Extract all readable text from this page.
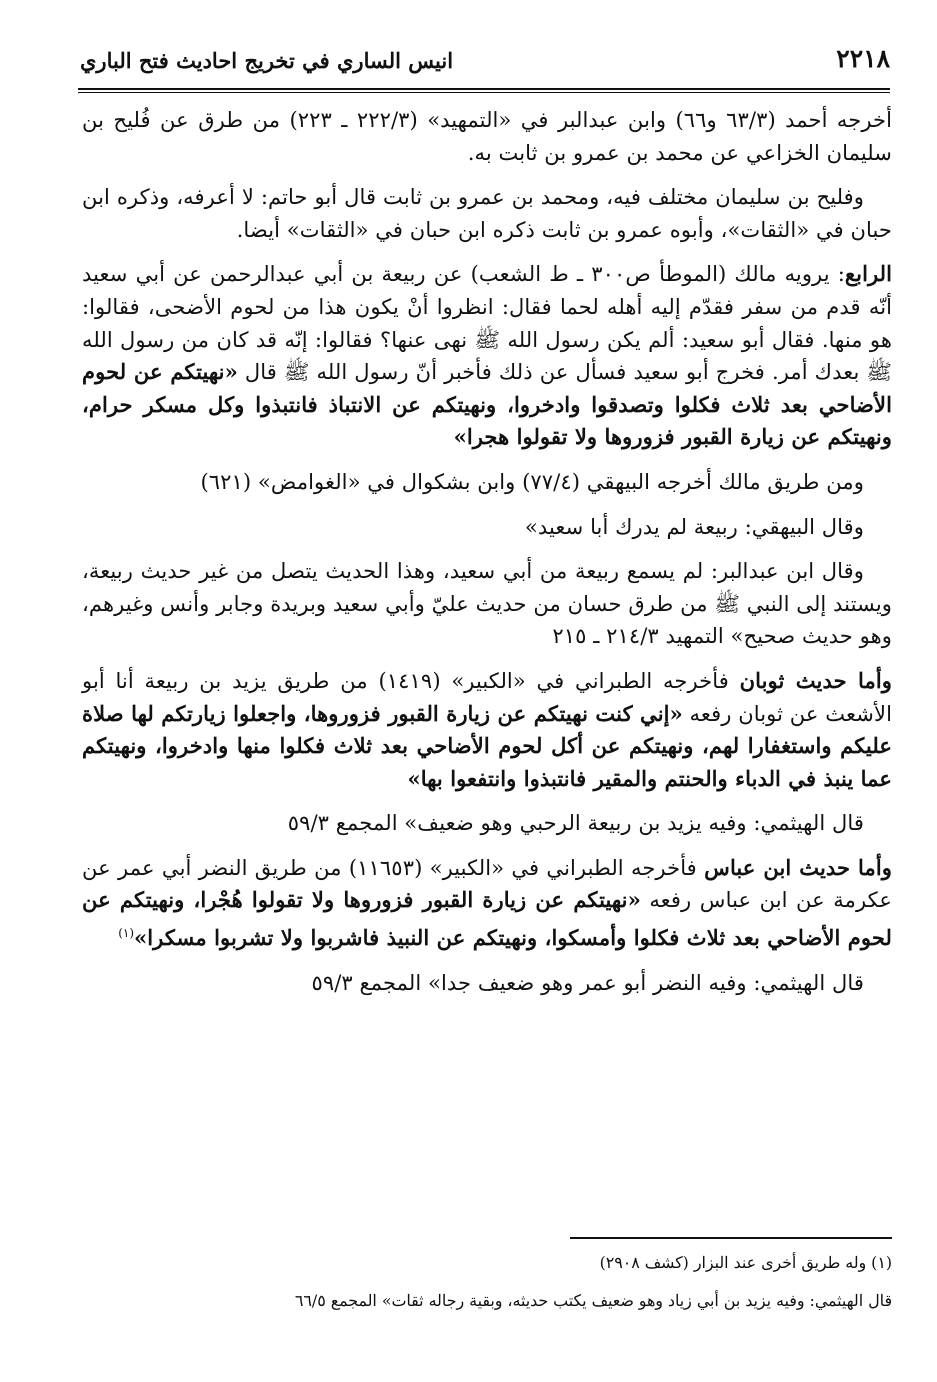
٢٢١٨
انيس الساري في تخريج احاديث فتح الباري

أخرجه أحمد (٣/‏٦٣ و٦٦) وابن عبدالبر في «التمهيد» (٣/‏٢٢٢ ـ ٢٢٣) من طرق عن فُليح بن سليمان الخزاعي عن محمد بن عمرو بن ثابت به.

وفليح بن سليمان مختلف فيه، ومحمد بن عمرو بن ثابت قال أبو حاتم: لا أعرفه، وذكره ابن حبان في «الثقات»، وأبوه عمرو بن ثابت ذكره ابن حبان في «الثقات» أيضا.

الرابع: يرويه مالك (الموطأ ص٣٠٠ ـ ط الشعب) عن ربيعة بن أبي عبدالرحمن عن أبي سعيد أنّه قدم من سفر فقدّم إليه أهله لحما فقال: انظروا أنْ يكون هذا من لحوم الأضحى، فقالوا: هو منها. فقال أبو سعيد: ألم يكن رسول الله ﷺ نهى عنها؟ فقالوا: إنّه قد كان من رسول الله ﷺ بعدك أمر. فخرج أبو سعيد فسأل عن ذلك فأخبر أنّ رسول الله ﷺ قال «نهيتكم عن لحوم الأضاحي بعد ثلاث فكلوا وتصدقوا وادخروا، ونهيتكم عن الانتباذ فانتبذوا وكل مسكر حرام، ونهيتكم عن زيارة القبور فزوروها ولا تقولوا هجرا»

ومن طريق مالك أخرجه البيهقي (٤/‏٧٧) وابن بشكوال في «الغوامض» (٦٢١)

وقال البيهقي: ربيعة لم يدرك أبا سعيد»

وقال ابن عبدالبر: لم يسمع ربيعة من أبي سعيد، وهذا الحديث يتصل من غير حديث ربيعة، ويستند إلى النبي ﷺ من طرق حسان من حديث عليّ وأبي سعيد وبريدة وجابر وأنس وغيرهم، وهو حديث صحيح» التمهيد ٣/‏٢١٤ ـ ٢١٥

وأما حديث ثوبان فأخرجه الطبراني في «الكبير» (١٤١٩) من طريق يزيد بن ربيعة أنا أبو الأشعث عن ثوبان رفعه «إني كنت نهيتكم عن زيارة القبور فزوروها، واجعلوا زيارتكم لها صلاة عليكم واستغفارا لهم، ونهيتكم عن أكل لحوم الأضاحي بعد ثلاث فكلوا منها وادخروا، ونهيتكم عما ينبذ في الدباء والحنتم والمقير فانتبذوا وانتفعوا بها»

قال الهيثمي: وفيه يزيد بن ربيعة الرحبي وهو ضعيف» المجمع ٣/‏٥٩

وأما حديث ابن عباس فأخرجه الطبراني في «الكبير» (١١٦٥٣) من طريق النضر أبي عمر عن عكرمة عن ابن عباس رفعه «نهيتكم عن زيارة القبور فزوروها ولا تقولوا هُجْرا، ونهيتكم عن لحوم الأضاحي بعد ثلاث فكلوا وأمسكوا، ونهيتكم عن النبيذ فاشربوا ولا تشربوا مسكرا»$^{(١)}$

قال الهيثمي: وفيه النضر أبو عمر وهو ضعيف جدا» المجمع ٣/‏٥٩

(١) وله طريق أخرى عند البزار (كشف ٢٩٠٨)
قال الهيثمي: وفيه يزيد بن أبي زياد وهو ضعيف يكتب حديثه، وبقية رجاله ثقات» المجمع ٥/‏٦٦
